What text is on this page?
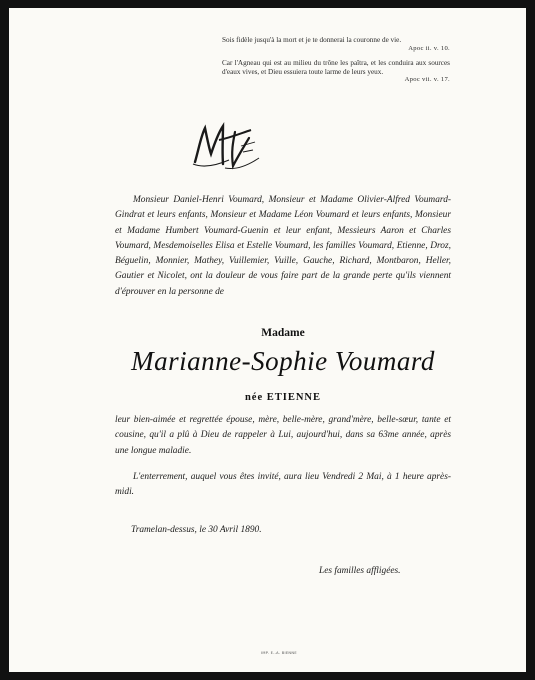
Sois fidèle jusqu'à la mort et je te donnerai la couronne de vie.
Apoc ii. v. 10.
Car l'Agneau qui est au milieu du trône les paîtra, et les conduira aux sources d'eaux vives, et Dieu essuiera toute larme de leurs yeux.
Apoc vii. v. 17.
Monsieur Daniel-Henri Voumard, Monsieur et Madame Olivier-Alfred Voumard-Gindrat et leurs enfants, Monsieur et Madame Léon Voumard et leurs enfants, Monsieur et Madame Humbert Voumard-Guenin et leur enfant, Messieurs Aaron et Charles Voumard, Mesdemoiselles Elisa et Estelle Voumard, les familles Voumard, Etienne, Droz, Béguelin, Monnier, Mathey, Vuillemier, Vuille, Gauche, Richard, Montbaron, Heller, Gautier et Nicolet, ont la douleur de vous faire part de la grande perte qu'ils viennent d'éprouver en la personne de
Madame
Marianne-Sophie Voumard
née ETIENNE
leur bien-aimée et regrettée épouse, mère, belle-mère, grand'mère, belle-sœur, tante et cousine, qu'il a plû à Dieu de rappeler à Lui, aujourd'hui, dans sa 63me année, après une longue maladie.
L'enterrement, auquel vous êtes invité, aura lieu Vendredi 2 Mai, à 1 heure après-midi.
Tramelan-dessus, le 30 Avril 1890.
Les familles affligées.
IMP. E.-A. BIENNE
